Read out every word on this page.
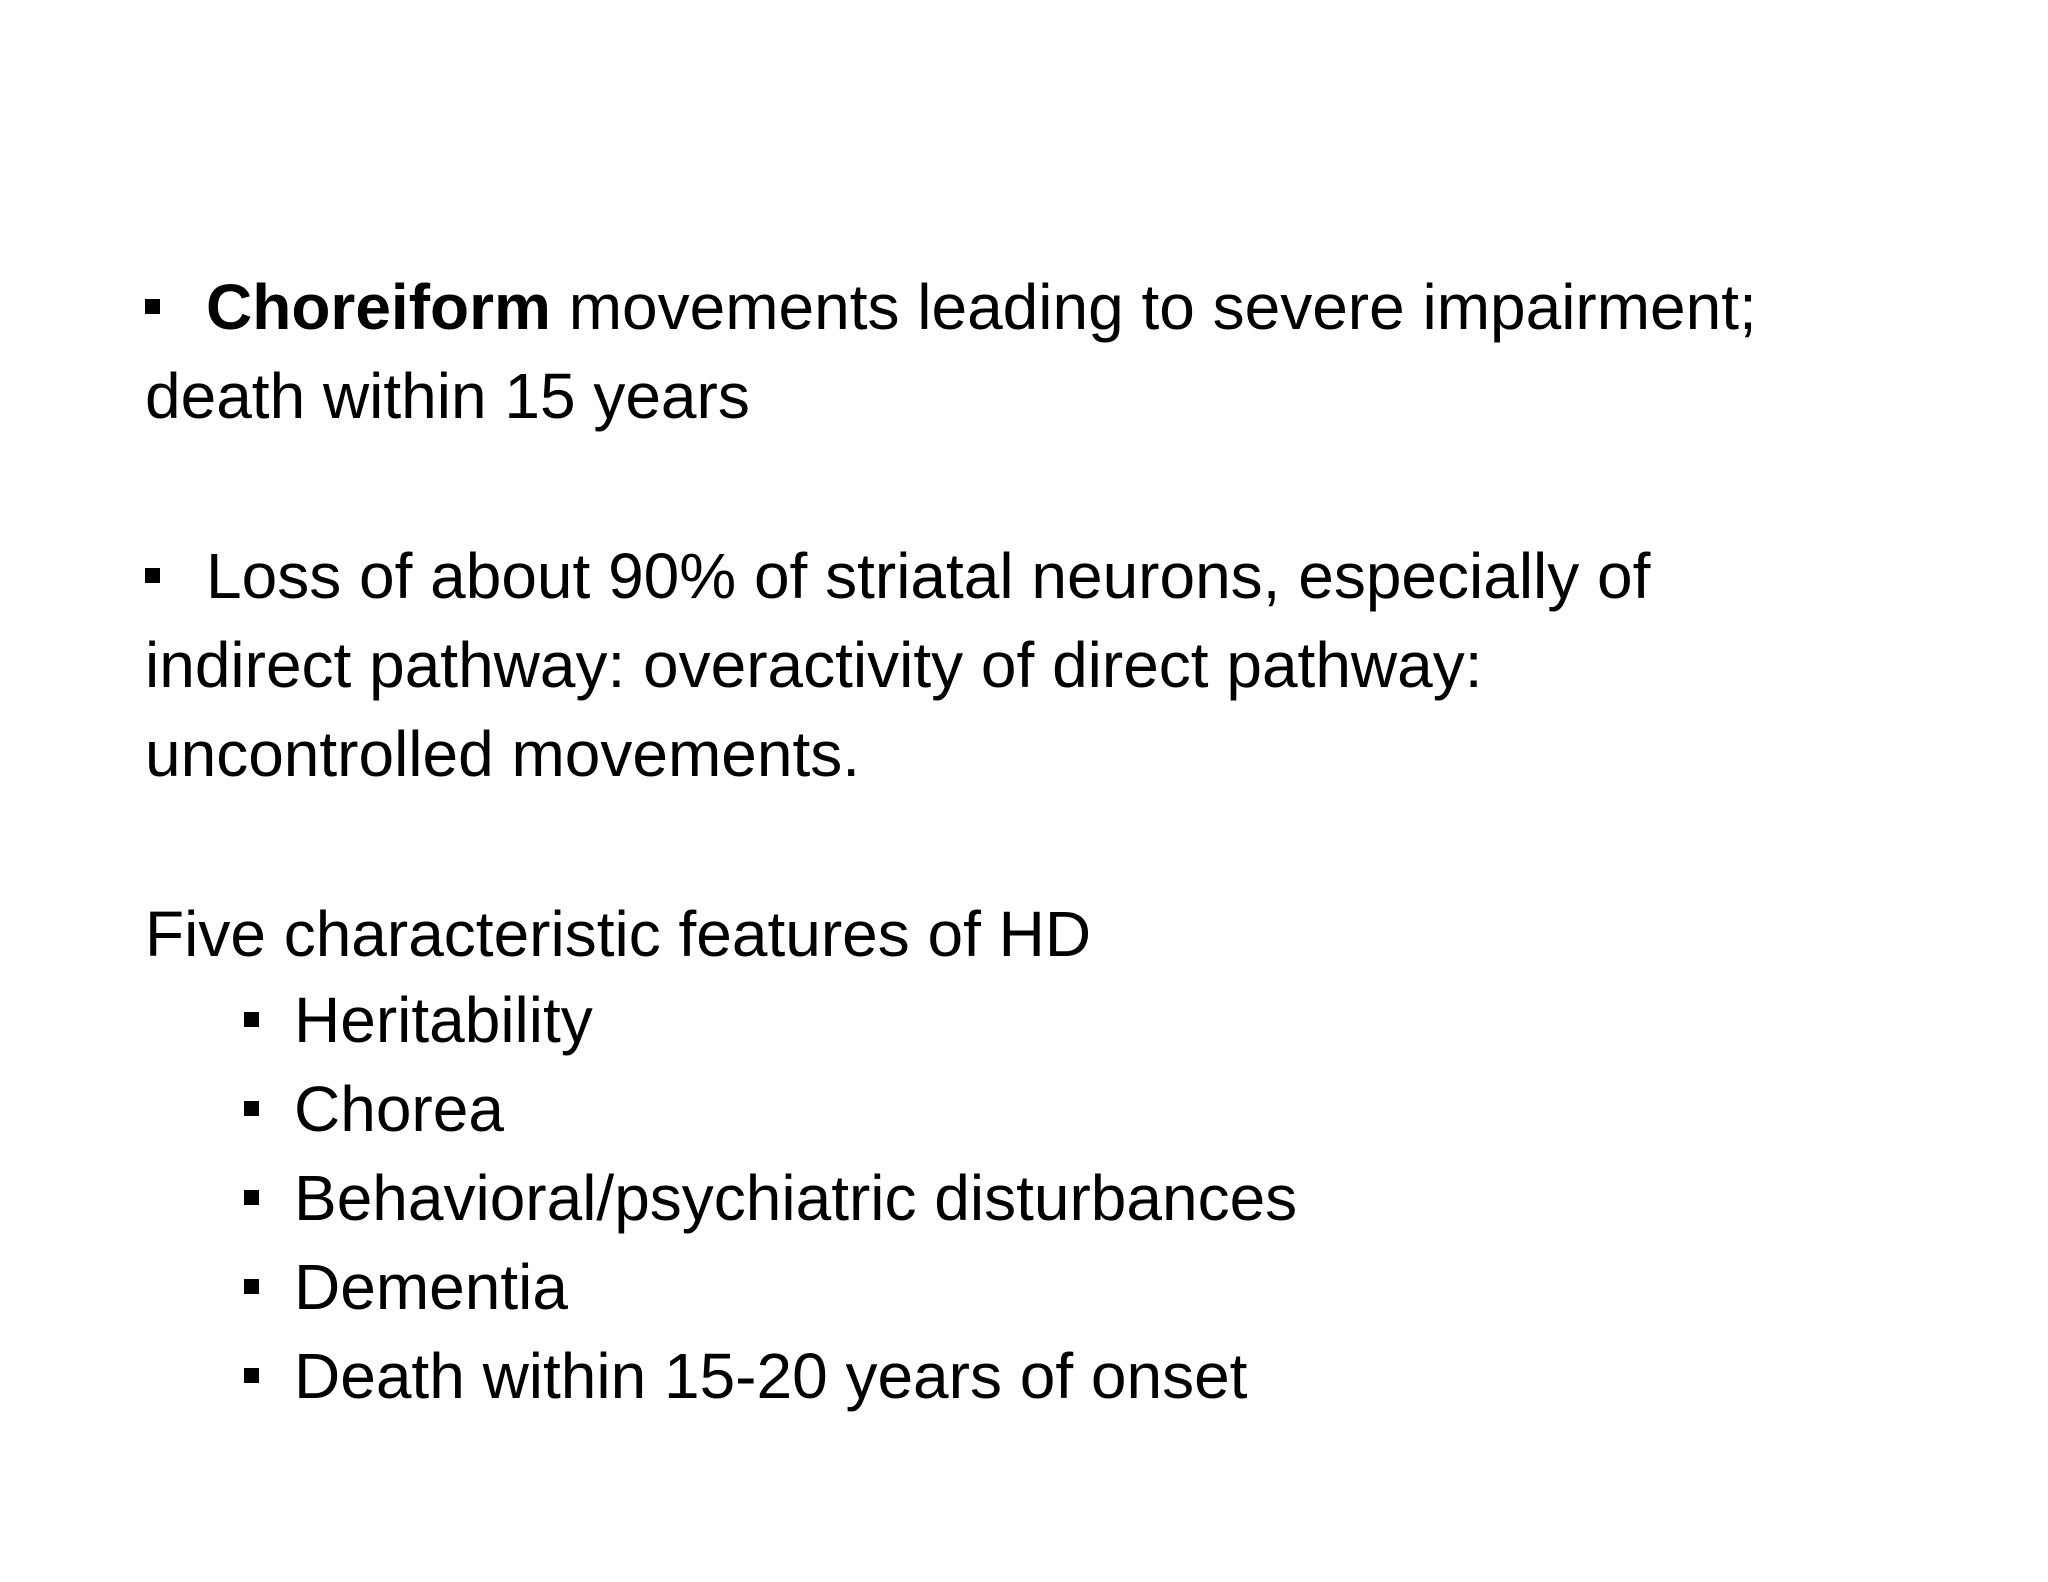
Choreiform movements leading to severe impairment;
death within 15 years

Loss of about 90% of striatal neurons, especially of
indirect pathway: overactivity of direct pathway:
uncontrolled movements.

Five characteristic features of HD

Heritability
Chorea
Behavioral/psychiatric disturbances
Dementia
Death within 15-20 years of onset
